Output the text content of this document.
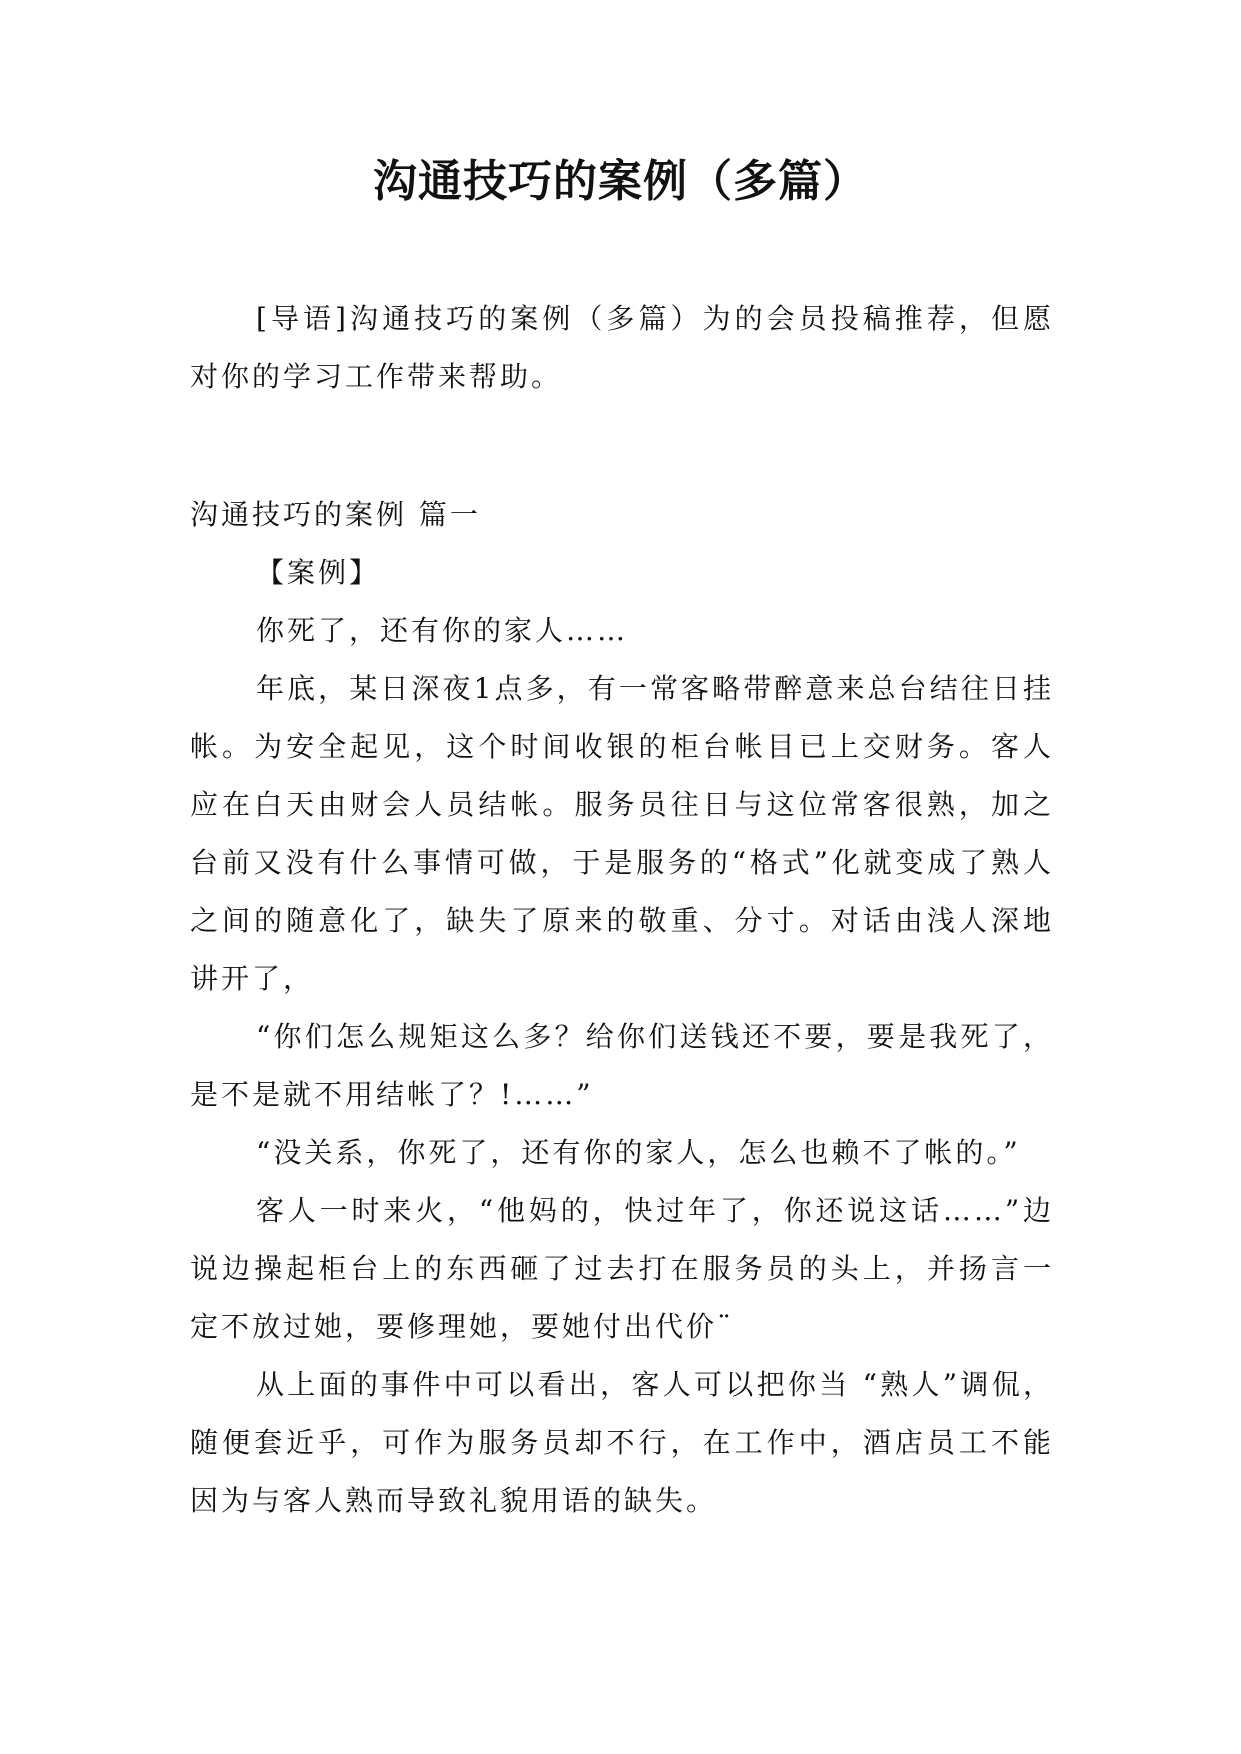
沟通技巧的案例（多篇）

[导语]沟通技巧的案例（多篇）为的会员投稿推荐，但愿对你的学习工作带来帮助。

沟通技巧的案例 篇一

【案例】

你死了，还有你的家人……

年底，某日深夜1点多，有一常客略带醉意来总台结往日挂帐。为安全起见，这个时间收银的柜台帐目已上交财务。客人应在白天由财会人员结帐。服务员往日与这位常客很熟，加之台前又没有什么事情可做，于是服务的“格式”化就变成了熟人之间的随意化了，缺失了原来的敬重、分寸。对话由浅人深地讲开了，

“你们怎么规矩这么多？给你们送钱还不要，要是我死了，是不是就不用结帐了？!……”

“没关系，你死了，还有你的家人，怎么也赖不了帐的。”

客人一时来火，“他妈的，快过年了，你还说这话……”边说边操起柜台上的东西砸了过去打在服务员的头上，并扬言一定不放过她，要修理她，要她付出代价¨

从上面的事件中可以看出，客人可以把你当 “熟人”调侃，随便套近乎，可作为服务员却不行，在工作中，酒店员工不能因为与客人熟而导致礼貌用语的缺失。
